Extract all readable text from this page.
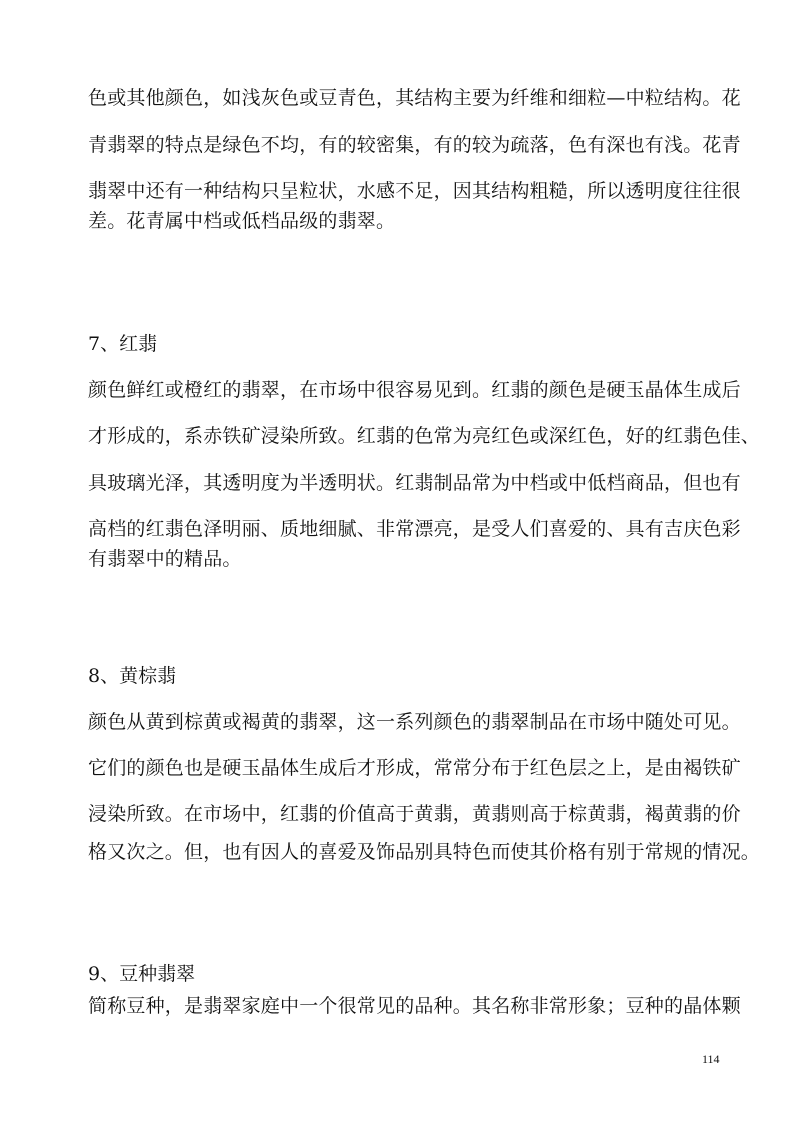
色或其他颜色，如浅灰色或豆青色，其结构主要为纤维和细粒—中粒结构。花
青翡翠的特点是绿色不均，有的较密集，有的较为疏落，色有深也有浅。花青
翡翠中还有一种结构只呈粒状，水感不足，因其结构粗糙，所以透明度往往很
差。花青属中档或低档品级的翡翠。
7、红翡
颜色鲜红或橙红的翡翠，在市场中很容易见到。红翡的颜色是硬玉晶体生成后
才形成的，系赤铁矿浸染所致。红翡的色常为亮红色或深红色，好的红翡色佳、
具玻璃光泽，其透明度为半透明状。红翡制品常为中档或中低档商品，但也有
高档的红翡色泽明丽、质地细腻、非常漂亮，是受人们喜爱的、具有吉庆色彩
有翡翠中的精品。
8、黄棕翡
颜色从黄到棕黄或褐黄的翡翠，这一系列颜色的翡翠制品在市场中随处可见。
它们的颜色也是硬玉晶体生成后才形成，常常分布于红色层之上，是由褐铁矿
浸染所致。在市场中，红翡的价值高于黄翡，黄翡则高于棕黄翡，褐黄翡的价
格又次之。但，也有因人的喜爱及饰品别具特色而使其价格有别于常规的情况。
9、豆种翡翠
简称豆种，是翡翠家庭中一个很常见的品种。其名称非常形象；豆种的晶体颗
114
